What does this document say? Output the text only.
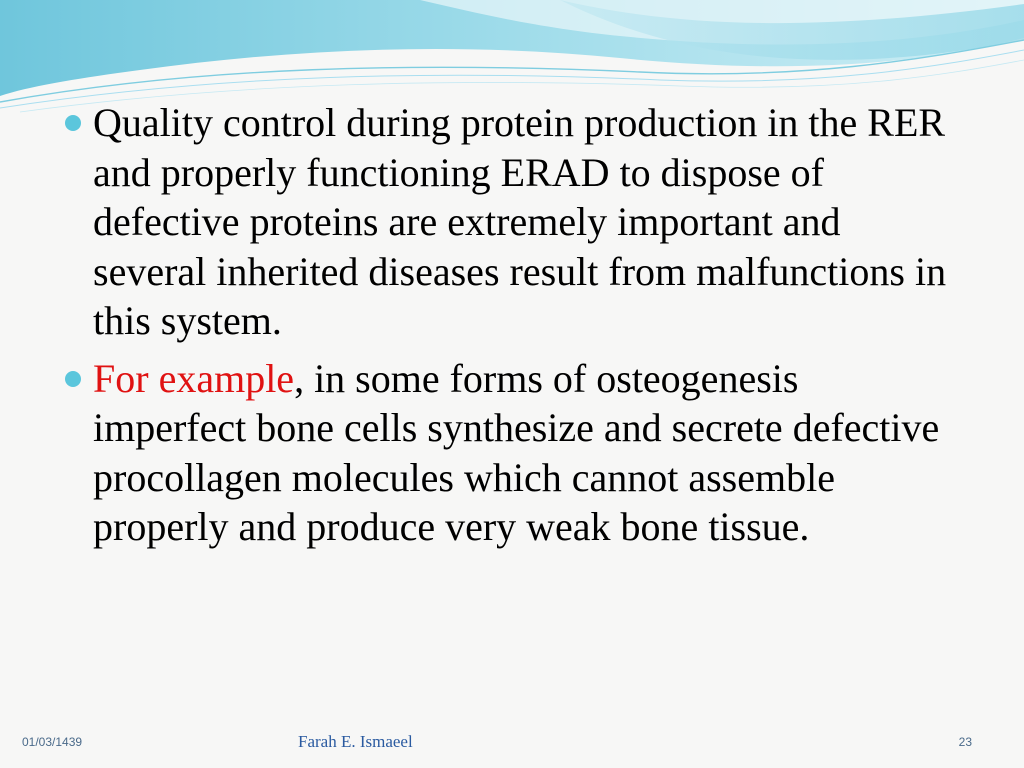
Quality control during protein production in the RER and properly functioning ERAD to dispose of defective proteins are extremely important and several inherited diseases result from malfunctions in this system.
For example, in some forms of osteogenesis imperfect bone cells synthesize and secrete defective procollagen molecules which cannot assemble properly and produce very weak bone tissue.
01/03/1439	Farah E. Ismaeel	23
